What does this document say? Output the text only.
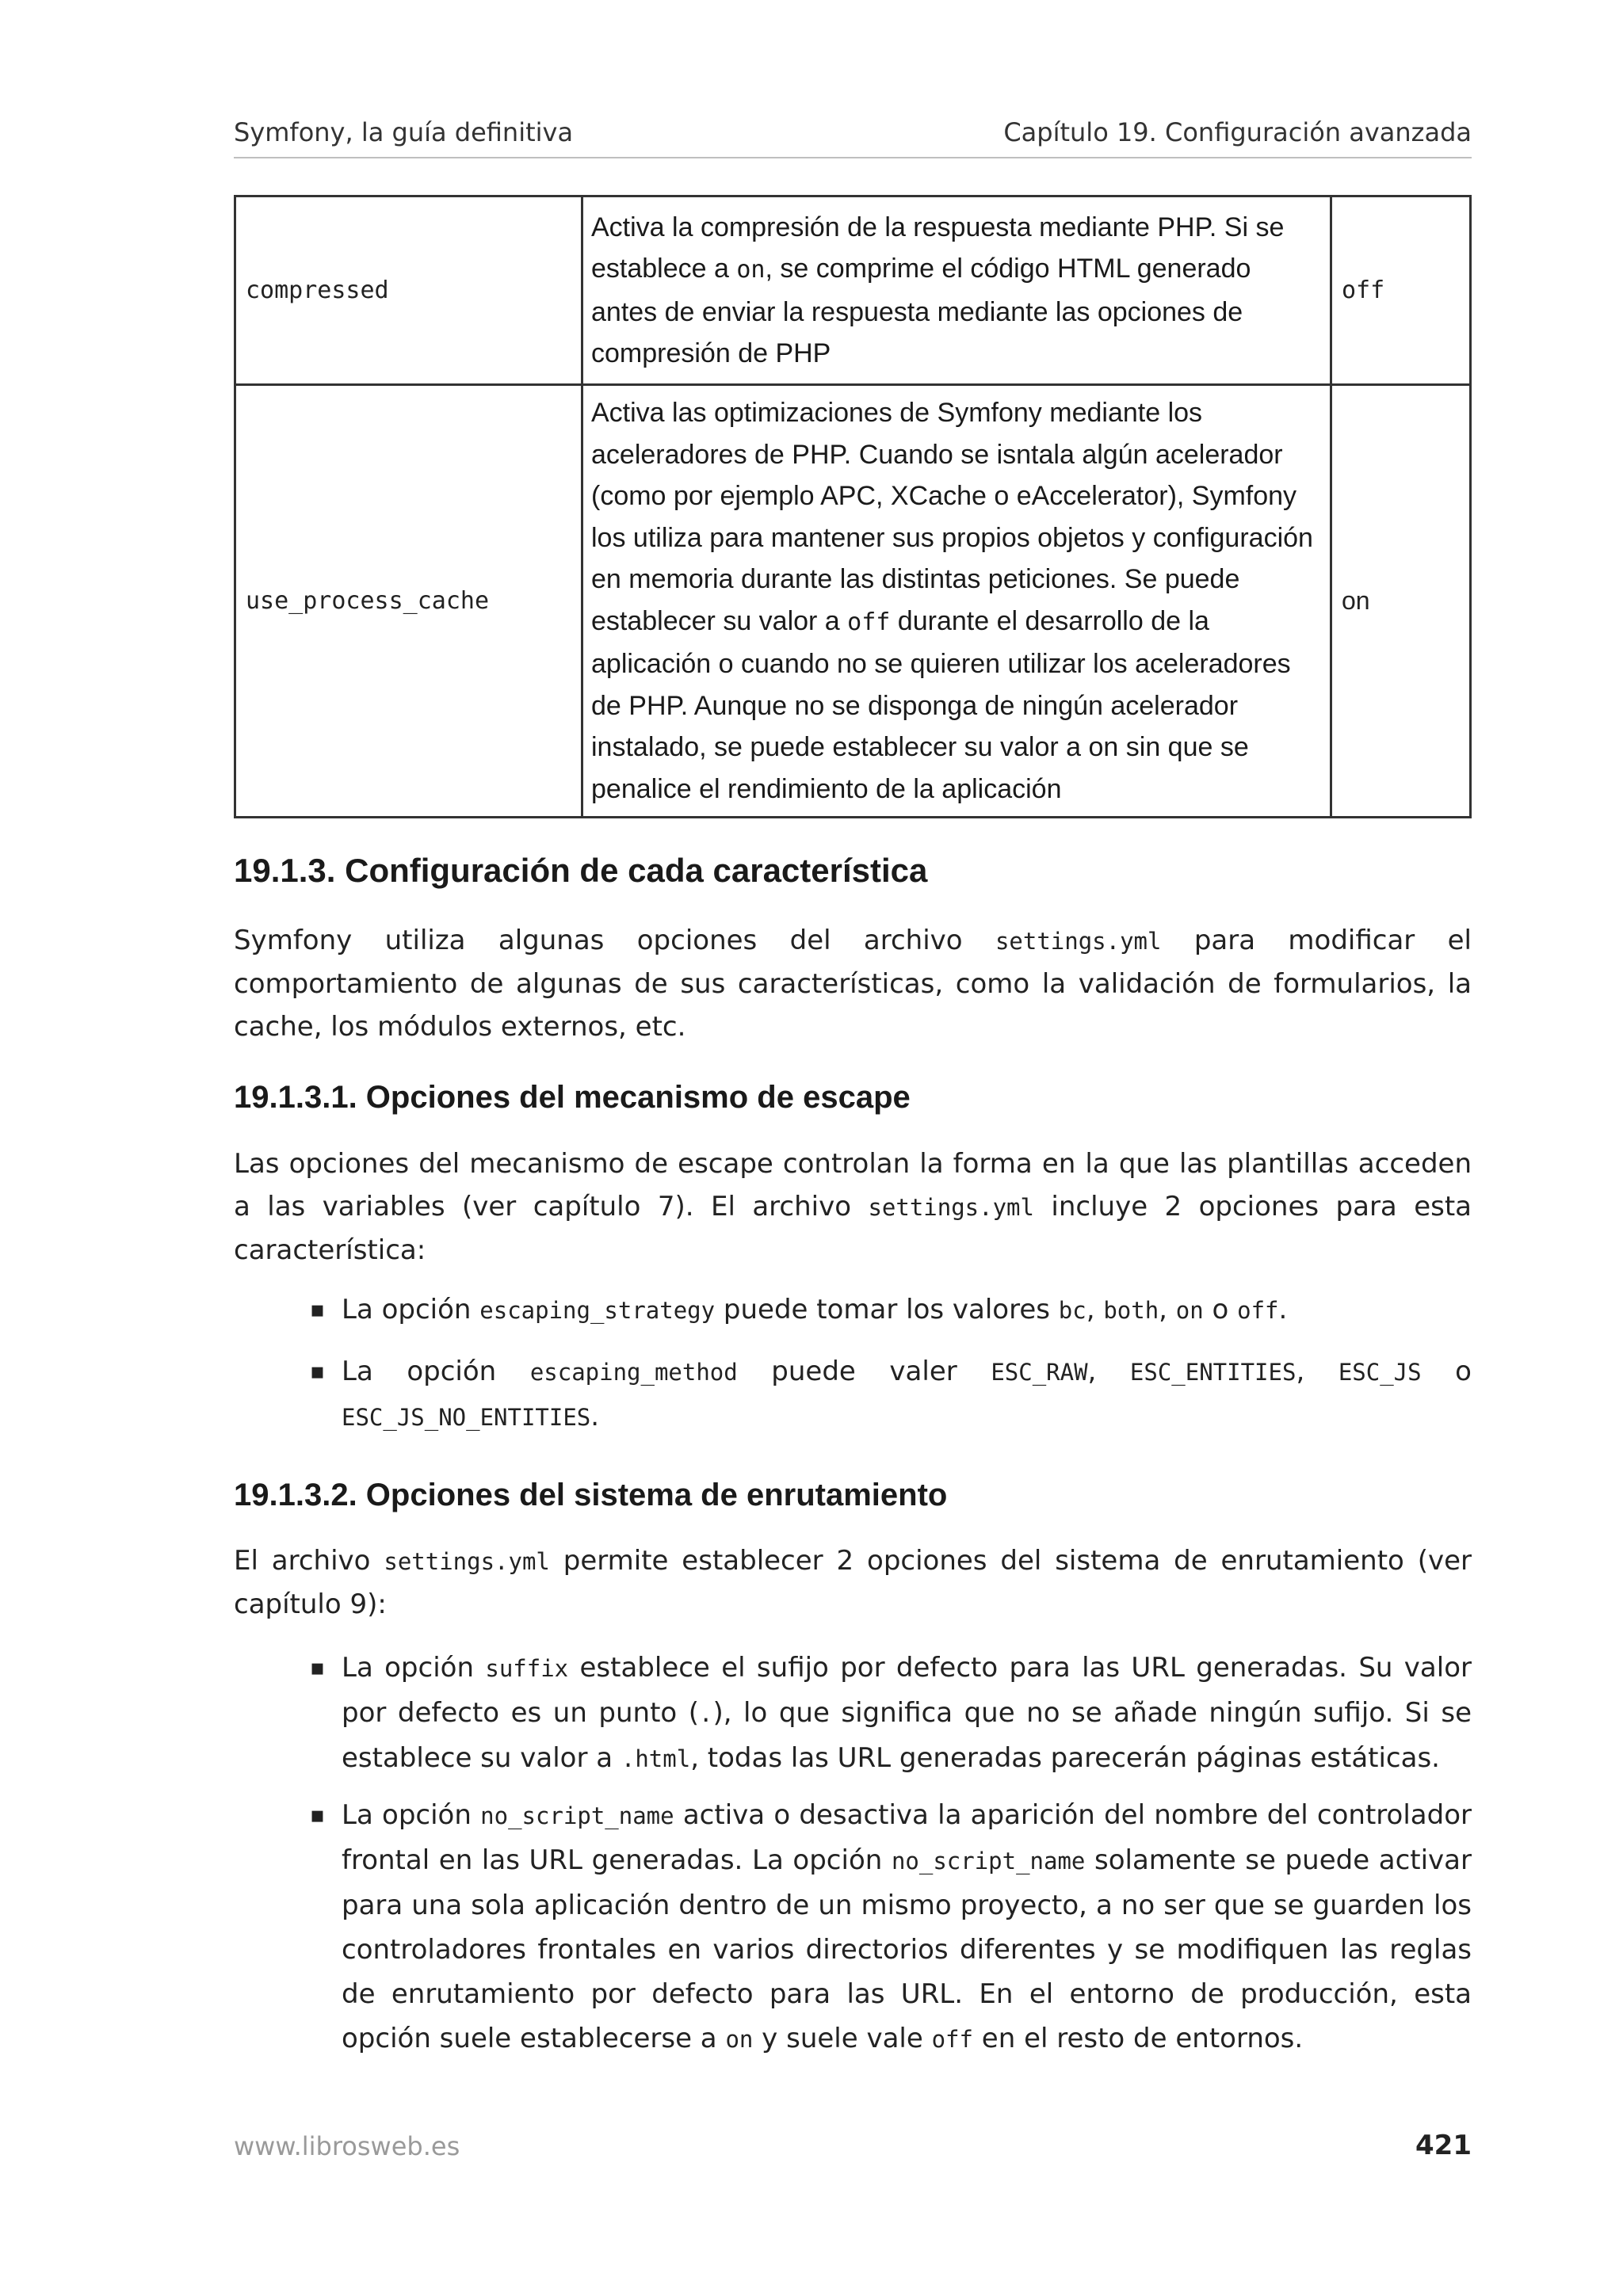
Symfony, la guía definitiva	Capítulo 19. Configuración avanzada
compressed	Activa la compresión de la respuesta mediante PHP. Si se establece a on, se comprime el código HTML generado antes de enviar la respuesta mediante las opciones de compresión de PHP	off
use_process_cache	Activa las optimizaciones de Symfony mediante los aceleradores de PHP. Cuando se isntala algún acelerador (como por ejemplo APC, XCache o eAccelerator), Symfony los utiliza para mantener sus propios objetos y configuración en memoria durante las distintas peticiones. Se puede establecer su valor a off durante el desarrollo de la aplicación o cuando no se quieren utilizar los aceleradores de PHP. Aunque no se disponga de ningún acelerador instalado, se puede establecer su valor a on sin que se penalice el rendimiento de la aplicación	on
19.1.3. Configuración de cada característica
Symfony utiliza algunas opciones del archivo settings.yml para modificar el comportamiento de algunas de sus características, como la validación de formularios, la cache, los módulos externos, etc.
19.1.3.1. Opciones del mecanismo de escape
Las opciones del mecanismo de escape controlan la forma en la que las plantillas acceden a las variables (ver capítulo 7). El archivo settings.yml incluye 2 opciones para esta característica:
▪ La opción escaping_strategy puede tomar los valores bc, both, on o off.
▪ La opción escaping_method puede valer ESC_RAW, ESC_ENTITIES, ESC_JS o ESC_JS_NO_ENTITIES.
19.1.3.2. Opciones del sistema de enrutamiento
El archivo settings.yml permite establecer 2 opciones del sistema de enrutamiento (ver capítulo 9):
▪ La opción suffix establece el sufijo por defecto para las URL generadas. Su valor por defecto es un punto (.), lo que significa que no se añade ningún sufijo. Si se establece su valor a .html, todas las URL generadas parecerán páginas estáticas.
▪ La opción no_script_name activa o desactiva la aparición del nombre del controlador frontal en las URL generadas. La opción no_script_name solamente se puede activar para una sola aplicación dentro de un mismo proyecto, a no ser que se guarden los controladores frontales en varios directorios diferentes y se modifiquen las reglas de enrutamiento por defecto para las URL. En el entorno de producción, esta opción suele establecerse a on y suele vale off en el resto de entornos.
www.librosweb.es	421
